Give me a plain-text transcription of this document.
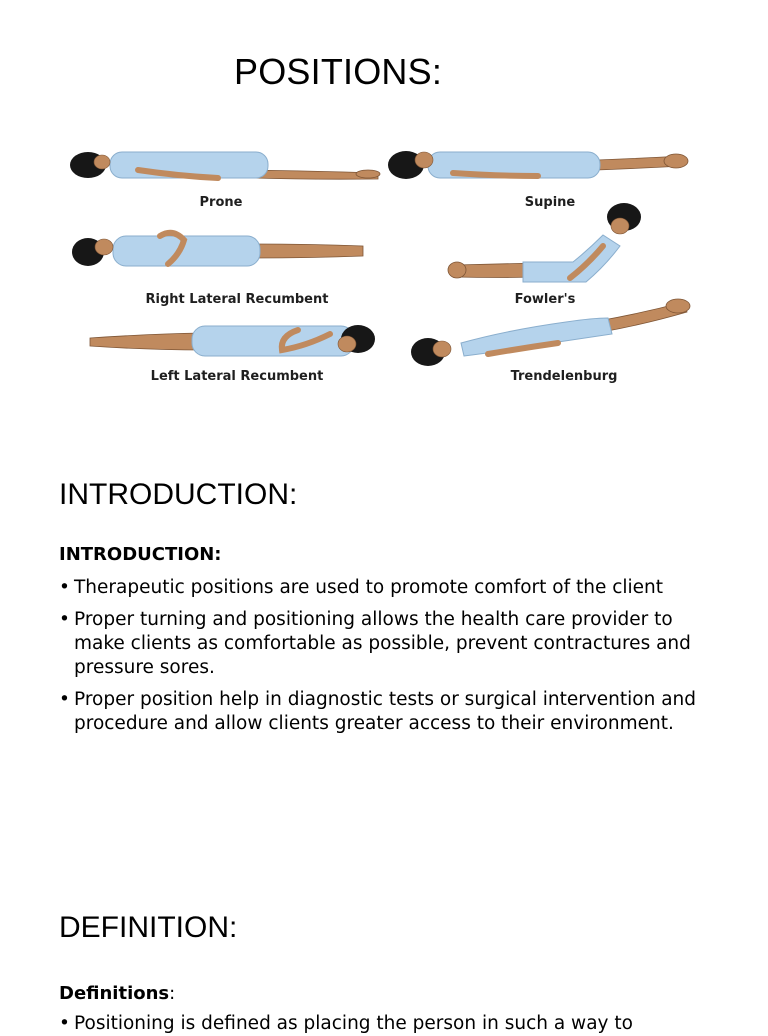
POSITIONS:
Prone	Supine
Right Lateral Recumbent	Fowler's
Left Lateral Recumbent	Trendelenburg
INTRODUCTION:

INTRODUCTION:

• Therapeutic positions are used to promote comfort of the client
• Proper turning and positioning allows the health care provider to make clients as comfortable as possible, prevent contractures and pressure sores.
• Proper position help in diagnostic tests or surgical intervention and procedure and allow clients greater access to their environment.
DEFINITION:

Definitions:

• Positioning is defined as placing the person in such a way to
